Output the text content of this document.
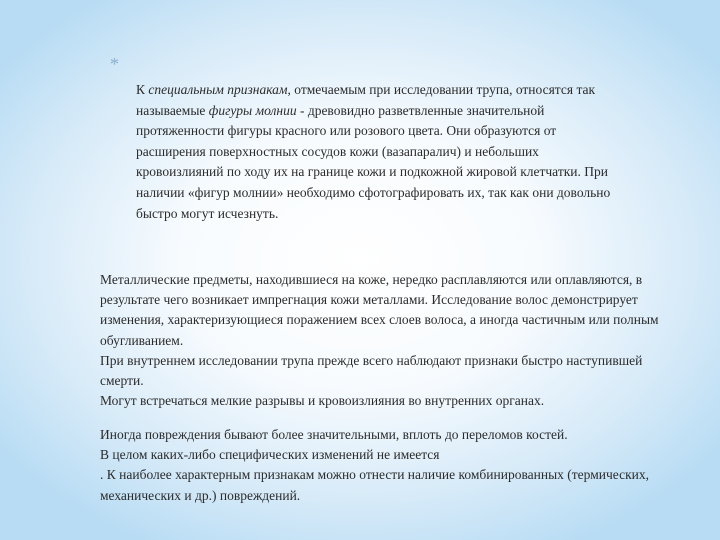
*

К специальным признакам, отмечаемым при исследовании трупа, относятся так называемые фигуры молнии - древовидно разветвленные значительной протяженности фигуры красного или розового цвета. Они образуются от расширения поверхностных сосудов кожи (вазапаралич) и небольших кровоизлияний по ходу их на границе кожи и подкожной жировой клетчатки. При наличии «фигур молнии» необходимо сфотографировать их, так как они довольно быстро могут исчезнуть.

Металлические предметы, находившиеся на коже, нередко расплавляются или оплавляются, в результате чего возникает импрегнация кожи металлами. Исследование волос демонстрирует изменения, характеризующиеся поражением всех слоев волоса, а иногда частичным или полным обугливанием.

При внутреннем исследовании трупа прежде всего наблюдают признаки быстро наступившей смерти.

Могут встречаться мелкие разрывы и кровоизлияния во внутренних органах.

Иногда повреждения бывают более значительными, вплоть до переломов костей.

В целом каких-либо специфических изменений не имеется

. К наиболее характерным признакам можно отнести наличие комбинированных (термических, механических и др.) повреждений.
